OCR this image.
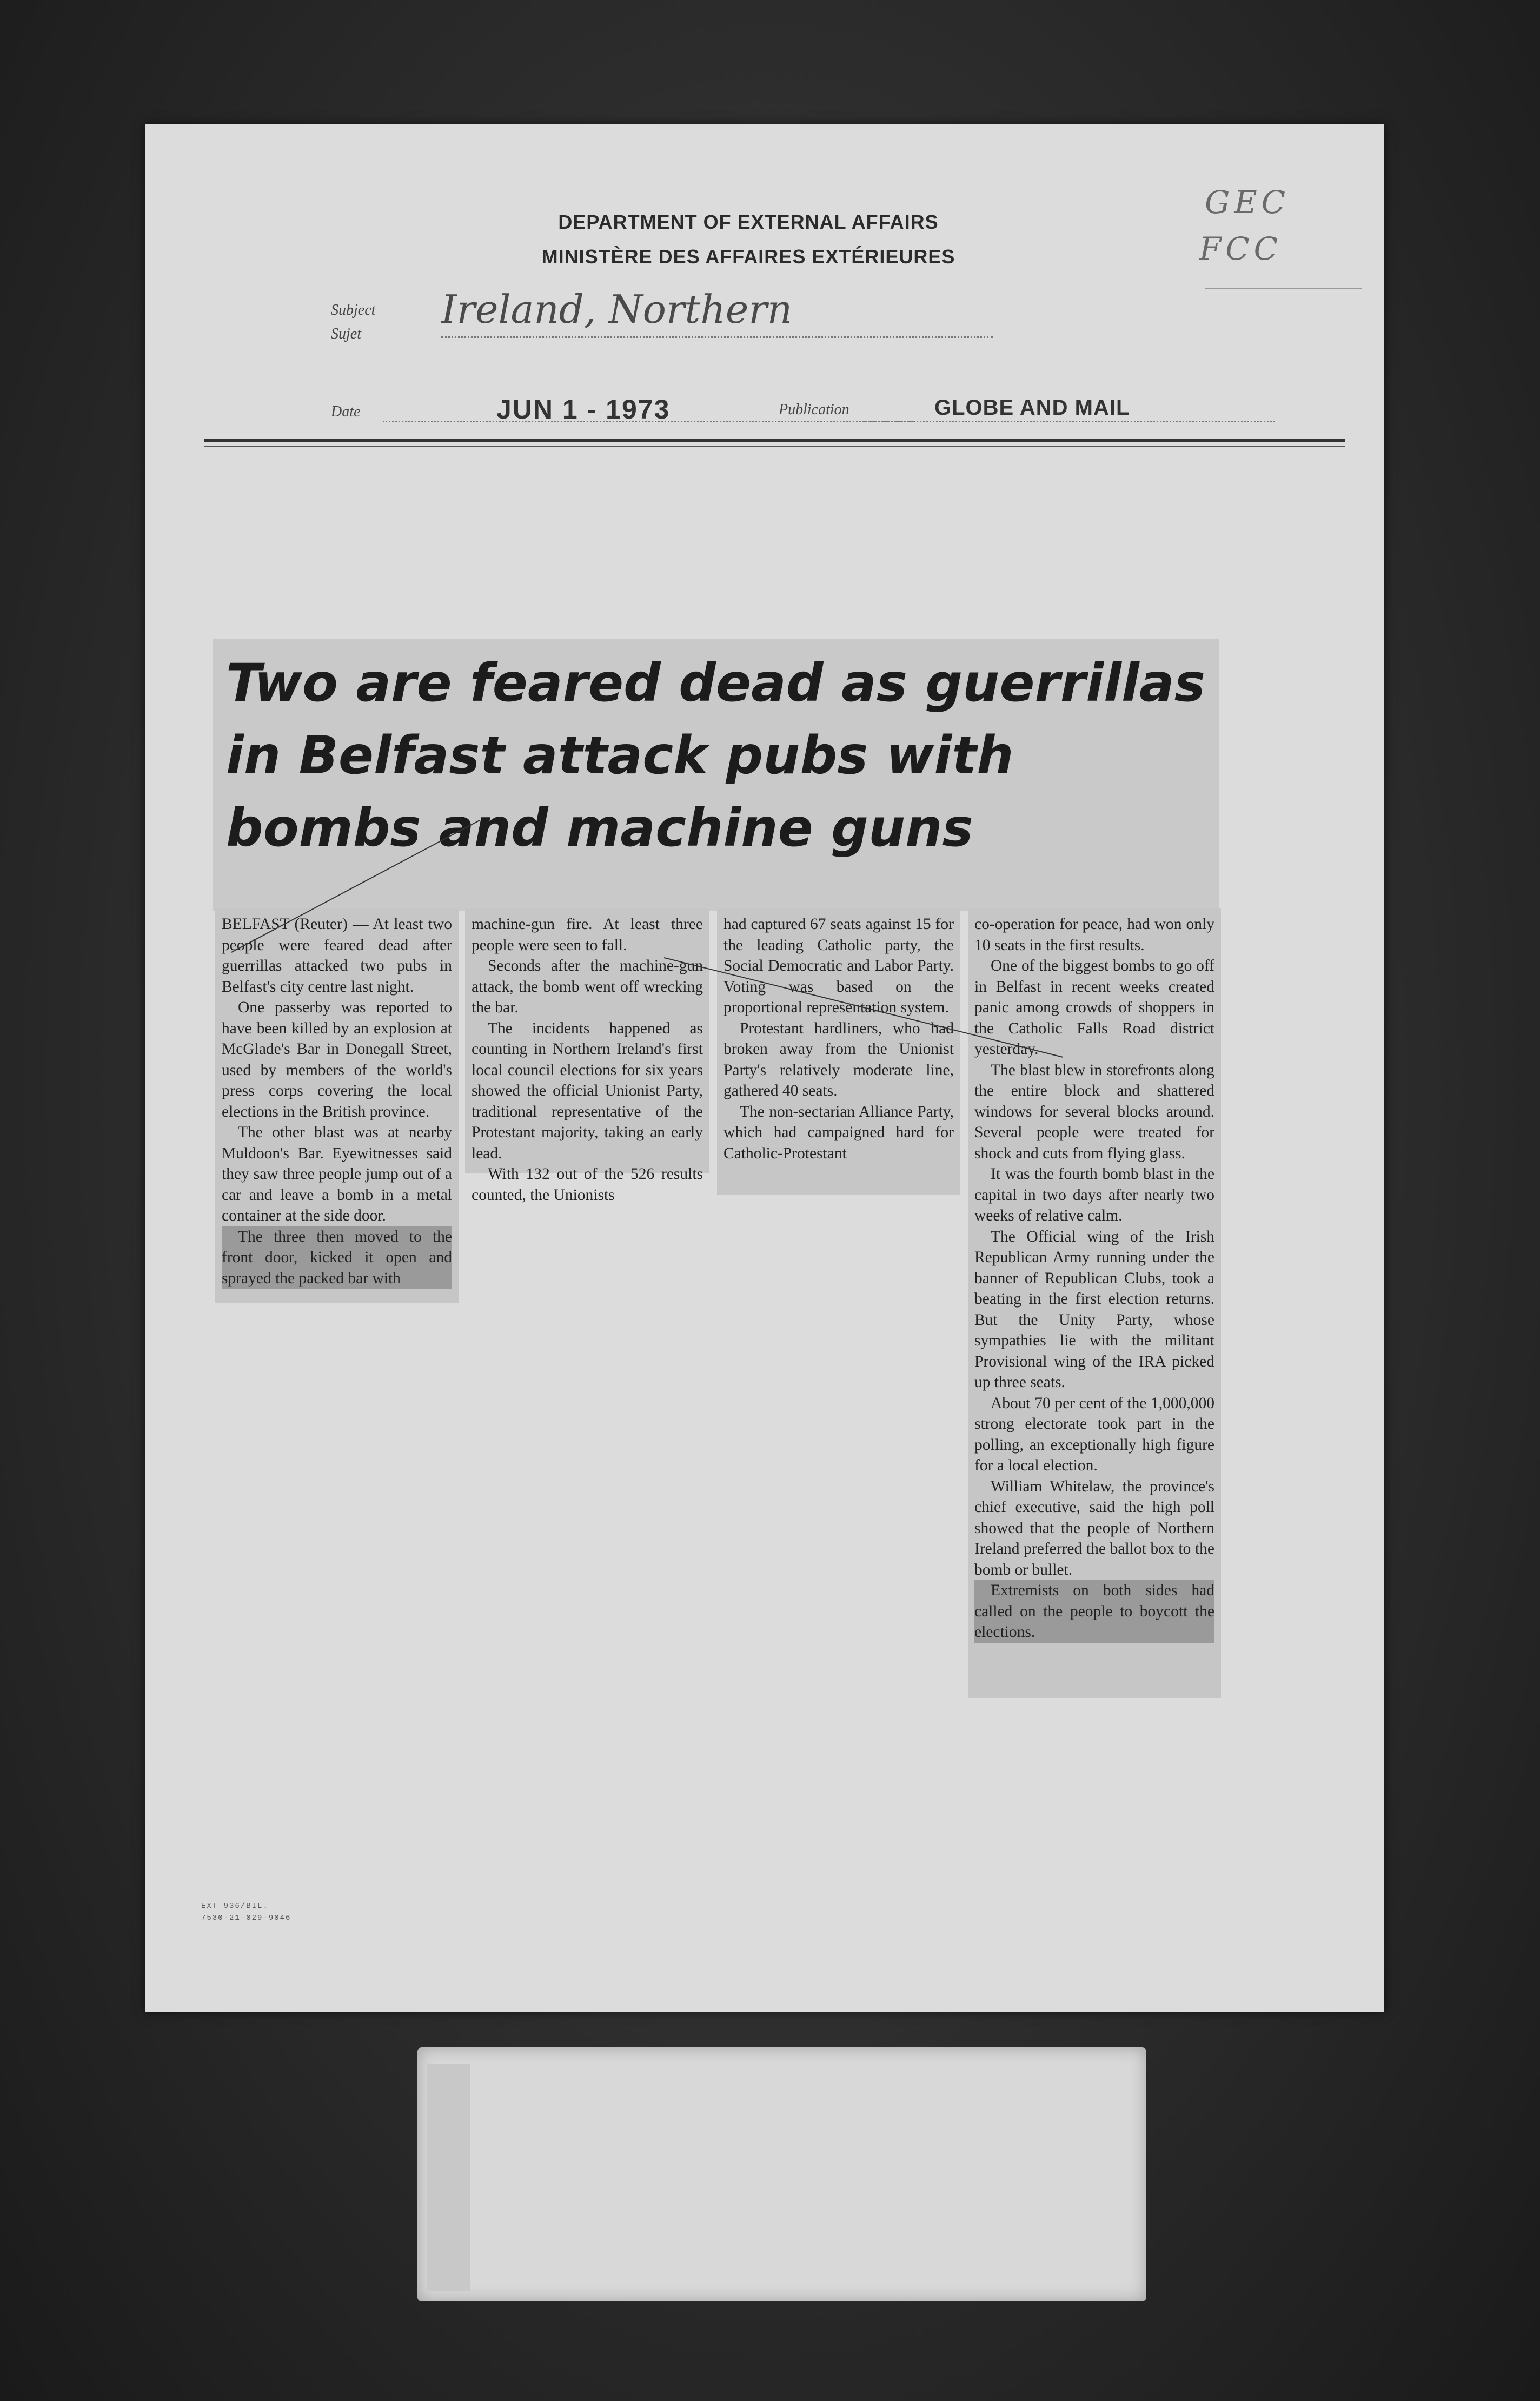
DEPARTMENT OF EXTERNAL AFFAIRS
MINISTÈRE DES AFFAIRES EXTÉRIEURES
GEC
FCC
Subject
Sujet
Ireland, Northern
Date	JUN 1 - 1973	Publication	GLOBE AND MAIL
Two are feared dead as guerrillas in Belfast attack pubs with bombs and machine guns

BELFAST (Reuter) — At least two people were feared dead after guerrillas attacked two pubs in Belfast's city centre last night.

One passerby was reported to have been killed by an explosion at McGlade's Bar in Donegall Street, used by members of the world's press corps covering the local elections in the British province.

The other blast was at nearby Muldoon's Bar. Eyewitnesses said they saw three people jump out of a car and leave a bomb in a metal container at the side door.

The three then moved to the front door, kicked it open and sprayed the packed bar with

machine-gun fire. At least three people were seen to fall.

Seconds after the machine-gun attack, the bomb went off wrecking the bar.

The incidents happened as counting in Northern Ireland's first local council elections for six years showed the official Unionist Party, traditional representative of the Protestant majority, taking an early lead.

With 132 out of the 526 results counted, the Unionists

had captured 67 seats against 15 for the leading Catholic party, the Social Democratic and Labor Party. Voting was based on the proportional representation system.

Protestant hardliners, who had broken away from the Unionist Party's relatively moderate line, gathered 40 seats.

The non-sectarian Alliance Party, which had campaigned hard for Catholic-Protestant

co-operation for peace, had won only 10 seats in the first results.

One of the biggest bombs to go off in Belfast in recent weeks created panic among crowds of shoppers in the Catholic Falls Road district yesterday.

The blast blew in storefronts along the entire block and shattered windows for several blocks around. Several people were treated for shock and cuts from flying glass.

It was the fourth bomb blast in the capital in two days after nearly two weeks of relative calm.

The Official wing of the Irish Republican Army running under the banner of Republican Clubs, took a beating in the first election returns. But the Unity Party, whose sympathies lie with the militant Provisional wing of the IRA picked up three seats.

About 70 per cent of the 1,000,000 strong electorate took part in the polling, an exceptionally high figure for a local election.

William Whitelaw, the province's chief executive, said the high poll showed that the people of Northern Ireland preferred the ballot box to the bomb or bullet.

Extremists on both sides had called on the people to boycott the elections.

EXT 936/BIL.
7530-21-029-9046
